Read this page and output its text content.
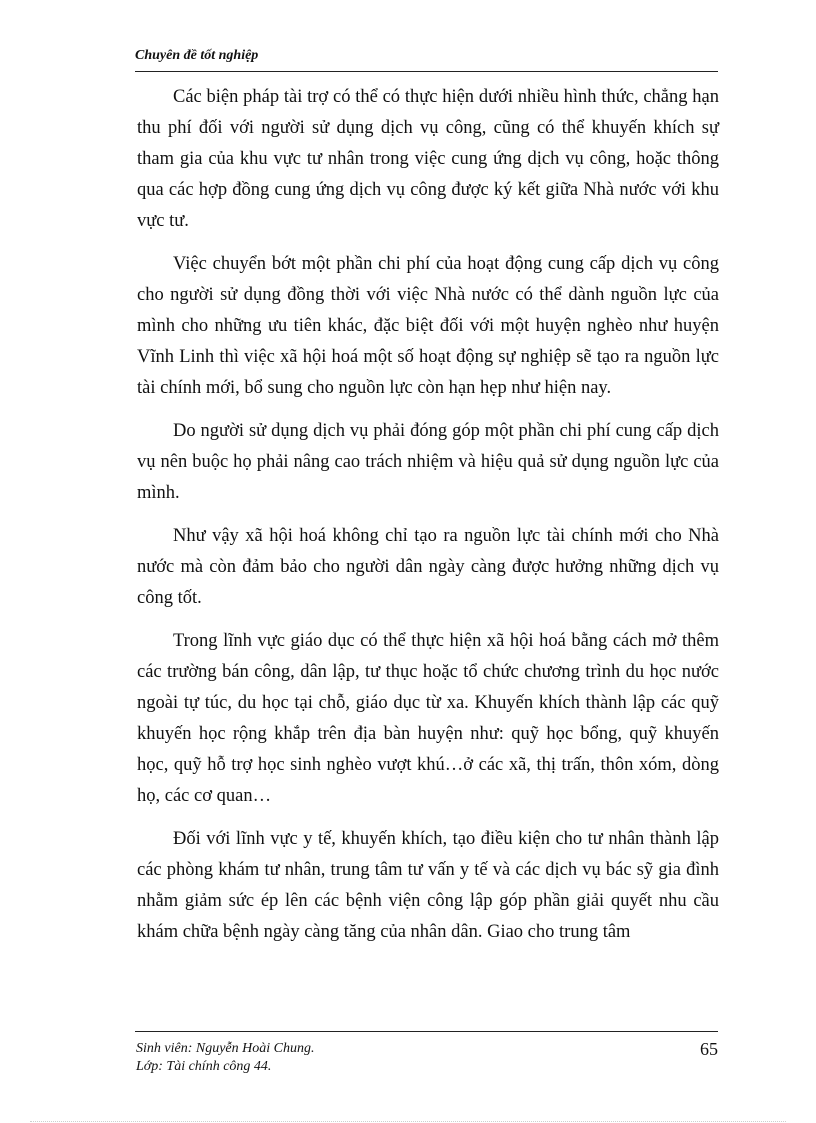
Chuyên đề tốt nghiệp

Các biện pháp tài trợ có thể có thực hiện dưới nhiều hình thức, chẳng hạn thu phí đối với người sử dụng dịch vụ công, cũng có thể khuyến khích sự tham gia của khu vực tư nhân trong việc cung ứng dịch vụ công, hoặc thông qua các hợp đồng cung ứng dịch vụ công được ký kết giữa Nhà nước với khu vực tư.

Việc chuyển bớt một phần chi phí của hoạt động cung cấp dịch vụ công cho người sử dụng đồng thời với việc Nhà nước có thể dành nguồn lực của mình cho những ưu tiên khác, đặc biệt đối với một huyện nghèo như huyện Vĩnh Linh thì việc xã hội hoá một số hoạt động sự nghiệp sẽ tạo ra nguồn lực tài chính mới, bổ sung cho nguồn lực còn hạn hẹp như hiện nay.

Do người sử dụng dịch vụ phải đóng góp một phần chi phí cung cấp dịch vụ nên buộc họ phải nâng cao trách nhiệm và hiệu quả sử dụng nguồn lực của mình.

Như vậy xã hội hoá không chỉ tạo ra nguồn lực tài chính mới cho Nhà nước mà còn đảm bảo cho người dân ngày càng được hưởng những dịch vụ công tốt.

Trong lĩnh vực giáo dục có thể thực hiện xã hội hoá bằng cách mở thêm các trường bán công, dân lập, tư thục hoặc tổ chức chương trình du học nước ngoài tự túc, du học tại chỗ, giáo dục từ xa. Khuyến khích thành lập các quỹ khuyến học rộng khắp trên địa bàn huyện như: quỹ học bổng, quỹ khuyến học, quỹ hỗ trợ học sinh nghèo vượt khú…ở các xã, thị trấn, thôn xóm, dòng họ, các cơ quan…

Đối với lĩnh vực y tế, khuyến khích, tạo điều kiện cho tư nhân thành lập các phòng khám tư nhân, trung tâm tư vấn y tế và các dịch vụ bác sỹ gia đình nhằm giảm sức ép lên các bệnh viện công lập góp phần giải quyết nhu cầu khám chữa bệnh ngày càng tăng của nhân dân. Giao cho trung tâm

Sinh viên: Nguyễn Hoài Chung.
Lớp: Tài chính công 44.
65
